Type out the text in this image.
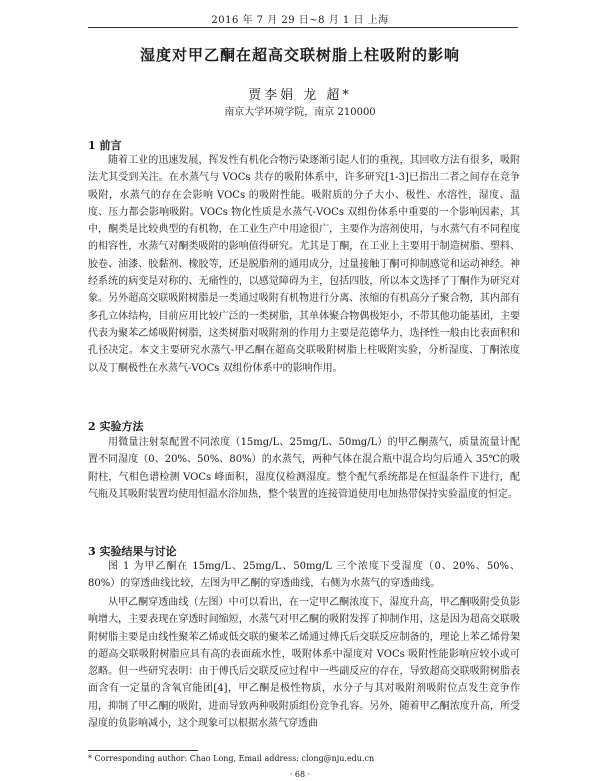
2016 年 7 月 29 日~8 月 1 日 上海
湿度对甲乙酮在超高交联树脂上柱吸附的影响
贾李娟 龙 超*
南京大学环境学院，南京 210000
1 前言

随着工业的迅速发展，挥发性有机化合物污染逐渐引起人们的重视，其回收方法有很多，吸附法尤其受到关注。在水蒸气与 VOCs 共存的吸附体系中，许多研究[1-3]已指出二者之间存在竞争吸附，水蒸气的存在会影响 VOCs 的吸附性能。吸附质的分子大小、极性、水溶性，湿度、温度、压力都会影响吸附。VOCs 物化性质是水蒸气-VOCs 双组份体系中重要的一个影响因素，其中，酮类是比较典型的有机物，在工业生产中用途很广，主要作为溶剂使用，与水蒸气有不同程度的相容性，水蒸气对酮类吸附的影响值得研究。尤其是丁酮，在工业上主要用于制造树脂、塑料、胶卷、油漆、胶黏剂、橡胶等，还是脱脂剂的通用成分，过量接触丁酮可抑制感觉和运动神经。神经系统的病变是对称的、无痛性的，以感觉障碍为主，包括四肢，所以本文选择了丁酮作为研究对象。另外超高交联吸附树脂是一类通过吸附有机物进行分离、浓缩的有机高分子聚合物，其内部有多孔立体结构，目前应用比较广泛的一类树脂，其单体聚合物偶极矩小，不带其他功能基团，主要代表为聚苯乙烯吸附树脂，这类树脂对吸附剂的作用力主要是范德华力，选择性一般由比表面积和孔径决定。本文主要研究水蒸气-甲乙酮在超高交联吸附树脂上柱吸附实验，分析湿度、丁酮浓度以及丁酮极性在水蒸气-VOCs 双组份体系中的影响作用。

2 实验方法

用微量注射泵配置不同浓度（15mg/L、25mg/L、50mg/L）的甲乙酮蒸气，质量流量计配置不同湿度（0、20%、50%、80%）的水蒸气，两种气体在混合瓶中混合均匀后通入 35℃的吸附柱，气相色谱检测 VOCs 峰面积，湿度仪检测湿度。整个配气系统都是在恒温条件下进行，配气瓶及其吸附装置均使用恒温水浴加热，整个装置的连接管道使用电加热带保持实验温度的恒定。

3 实验结果与讨论

图 1 为甲乙酮在 15mg/L、25mg/L、50mg/L 三个浓度下受湿度（0、20%、50%、80%）的穿透曲线比较，左图为甲乙酮的穿透曲线，右侧为水蒸气的穿透曲线。

从甲乙酮穿透曲线（左图）中可以看出，在一定甲乙酮浓度下，湿度升高，甲乙酮吸附受负影响增大，主要表现在穿透时间缩短，水蒸气对甲乙酮的吸附发挥了抑制作用，这是因为超高交联吸附树脂主要是由线性聚苯乙烯或低交联的聚苯乙烯通过傅氏后交联反应制备的，理论上苯乙烯骨架的超高交联吸附树脂应具有高的表面疏水性，吸附体系中湿度对 VOCs 吸附性能影响应较小或可忽略。但一些研究表明：由于傅氏后交联反应过程中一些副反应的存在，导致超高交联吸附树脂表面含有一定量的含氧官能团[4]，甲乙酮是极性物质，水分子与其对吸附剂吸附位点发生竞争作用，抑制了甲乙酮的吸附，进而导致两种吸附质组份竞争孔容。另外，随着甲乙酮浓度升高，所受湿度的负影响减小，这个现象可以根据水蒸气穿透曲

* Corresponding author: Chao Long, Email address: clong@nju.edu.cn
· 68 ·
